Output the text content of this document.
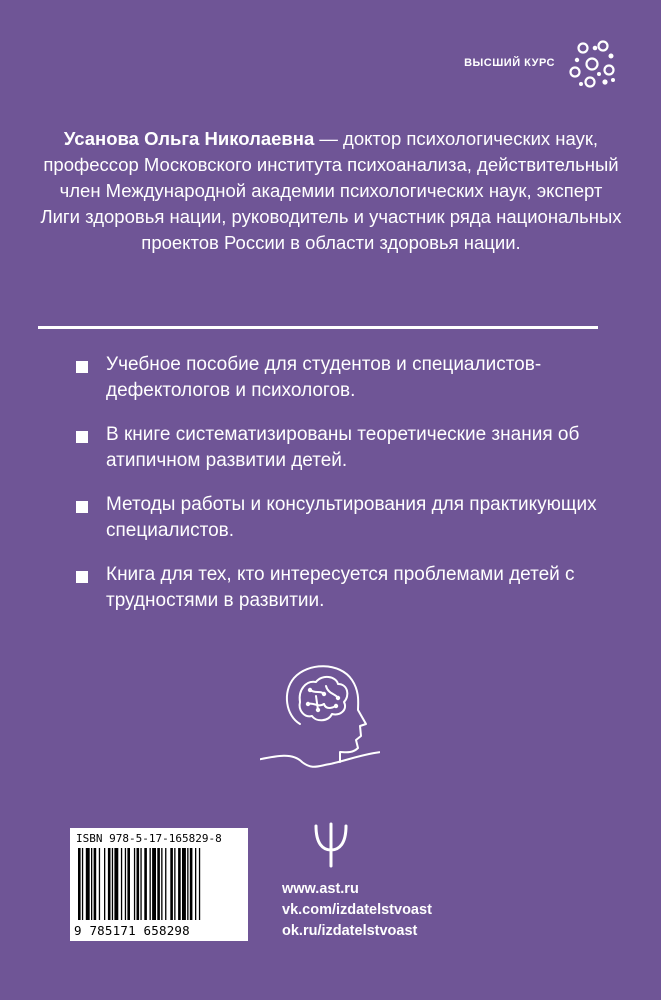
ВЫСШИЙ КУРС
Усанова Ольга Николаевна — доктор психологических наук, профессор Московского института психоанализа, действительный член Международной академии психологических наук, эксперт Лиги здоровья нации, руководитель и участник ряда национальных проектов России в области здоровья нации.
Учебное пособие для студентов и специалистов-дефектологов и психологов.
В книге систематизированы теоретические знания об атипичном развитии детей.
Методы работы и консультирования для практикующих специалистов.
Книга для тех, кто интересуется проблемами детей с трудностями в развитии.
ISBN 978-5-17-165829-8
9 785171 658298
www.ast.ru
vk.com/izdatelstvoast
ok.ru/izdatelstvoast
